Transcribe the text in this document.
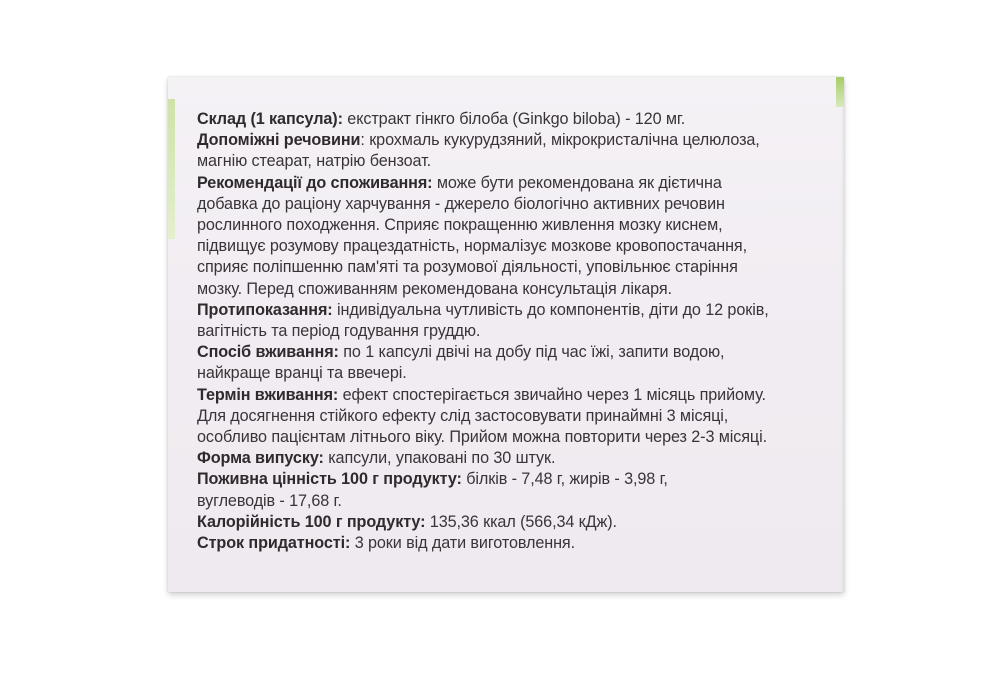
Склад (1 капсула): екстракт гінкго білоба (Ginkgo biloba) - 120 мг.

Допоміжні речовини: крохмаль кукурудзяний, мікрокристалічна целюлоза,
магнію стеарат, натрію бензоат.

Рекомендації до споживання: може бути рекомендована як дієтична
добавка до раціону харчування - джерело біологічно активних речовин
рослинного походження. Сприяє покращенню живлення мозку киснем,
підвищує розумову працездатність, нормалізує мозкове кровопостачання,
сприяє поліпшенню пам'яті та розумової діяльності, уповільнює старіння
мозку. Перед споживанням рекомендована консультація лікаря.

Протипоказання: індивідуальна чутливість до компонентів, діти до 12 років,
вагітність та період годування груддю.

Спосіб вживання: по 1 капсулі двічі на добу під час їжі, запити водою,
найкраще вранці та ввечері.

Термін вживання: ефект спостерігається звичайно через 1 місяць прийому.
Для досягнення стійкого ефекту слід застосовувати принаймні 3 місяці,
особливо пацієнтам літнього віку. Прийом можна повторити через 2-3 місяці.

Форма випуску: капсули, упаковані по 30 штук.

Поживна цінність 100 г продукту: білків - 7,48 г, жирів - 3,98 г,
вуглеводів - 17,68 г.

Калорійність 100 г продукту: 135,36 ккал (566,34 кДж).

Строк придатності: 3 роки від дати виготовлення.
